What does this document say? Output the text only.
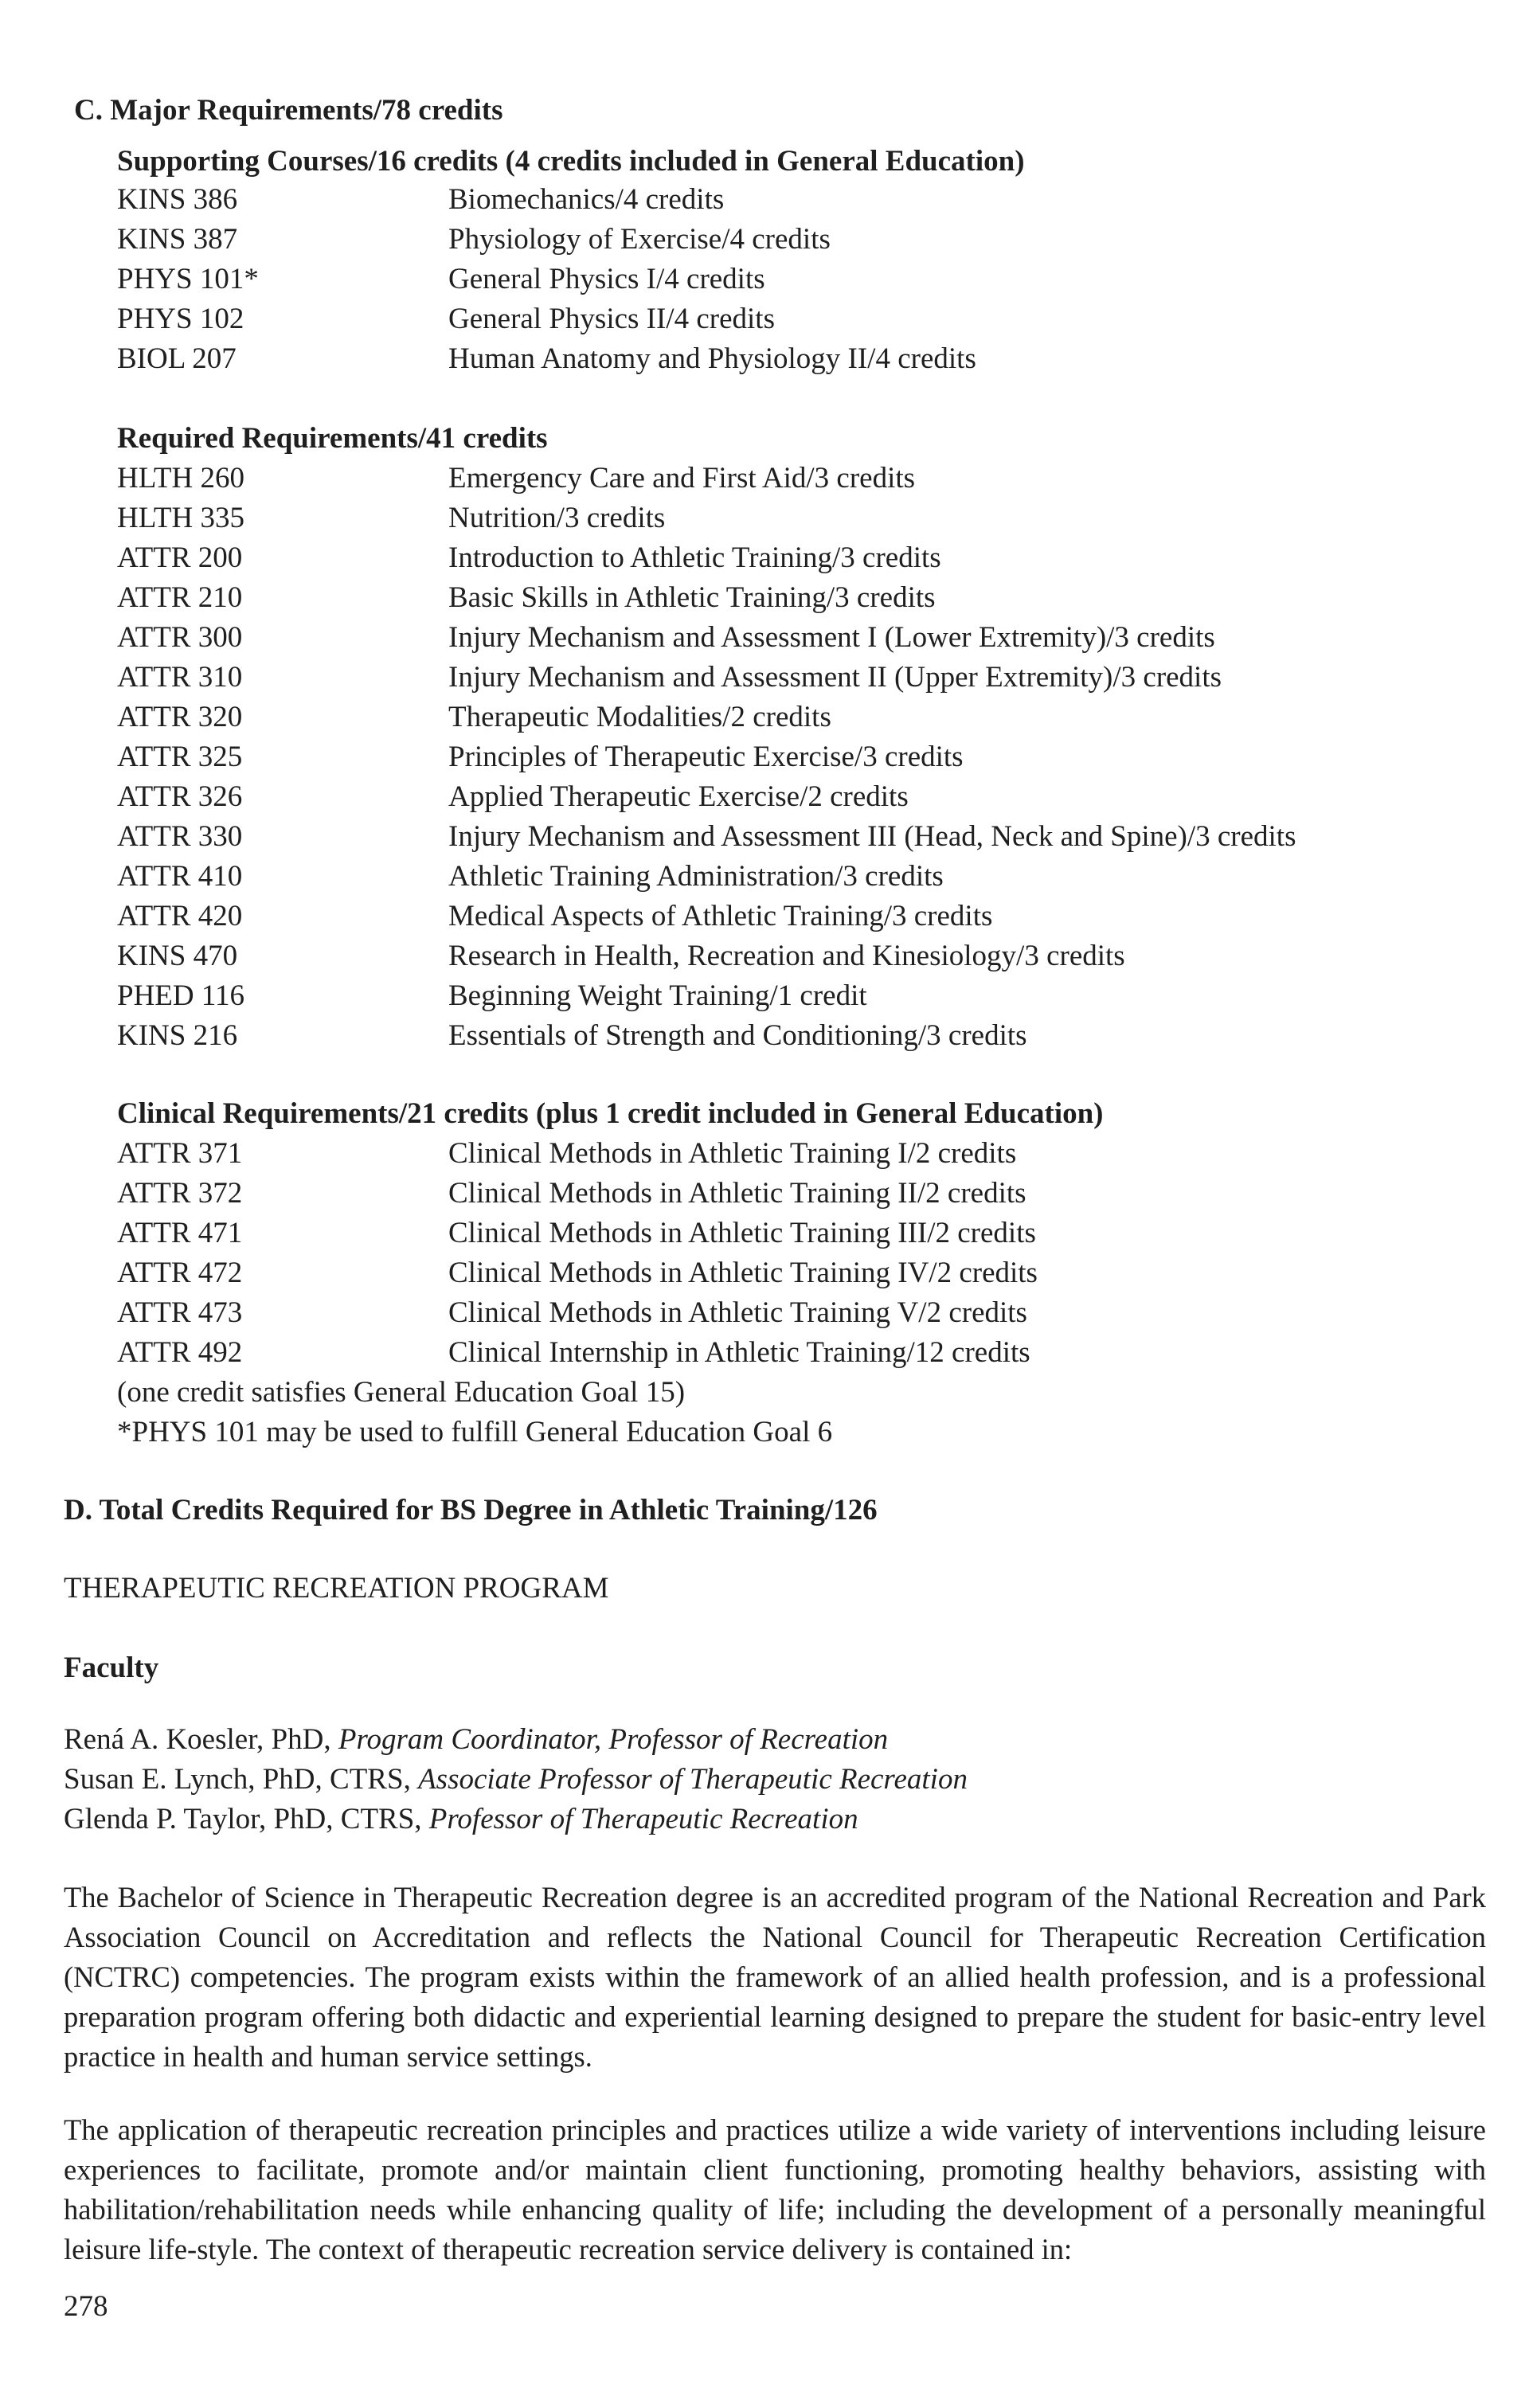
C. Major Requirements/78 credits
Supporting Courses/16 credits (4 credits included in General Education)
KINS 386	Biomechanics/4 credits
KINS 387	Physiology of Exercise/4 credits
PHYS 101*	General Physics I/4 credits
PHYS 102	General Physics II/4 credits
BIOL 207	Human Anatomy and Physiology II/4 credits
Required Requirements/41 credits
HLTH 260	Emergency Care and First Aid/3 credits
HLTH 335	Nutrition/3 credits
ATTR 200	Introduction to Athletic Training/3 credits
ATTR 210	Basic Skills in Athletic Training/3 credits
ATTR 300	Injury Mechanism and Assessment I (Lower Extremity)/3 credits
ATTR 310	Injury Mechanism and Assessment II (Upper Extremity)/3 credits
ATTR 320	Therapeutic Modalities/2 credits
ATTR 325	Principles of Therapeutic Exercise/3 credits
ATTR 326	Applied Therapeutic Exercise/2 credits
ATTR 330	Injury Mechanism and Assessment III (Head, Neck and Spine)/3 credits
ATTR 410	Athletic Training Administration/3 credits
ATTR 420	Medical Aspects of Athletic Training/3 credits
KINS 470	Research in Health, Recreation and Kinesiology/3 credits
PHED 116	Beginning Weight Training/1 credit
KINS 216	Essentials of Strength and Conditioning/3 credits
Clinical Requirements/21 credits (plus 1 credit included in General Education)
ATTR 371	Clinical Methods in Athletic Training I/2 credits
ATTR 372	Clinical Methods in Athletic Training II/2 credits
ATTR 471	Clinical Methods in Athletic Training III/2 credits
ATTR 472	Clinical Methods in Athletic Training IV/2 credits
ATTR 473	Clinical Methods in Athletic Training V/2 credits
ATTR 492	Clinical Internship in Athletic Training/12 credits
(one credit satisfies General Education Goal 15)
*PHYS 101 may be used to fulfill General Education Goal 6
D. Total Credits Required for BS Degree in Athletic Training/126
THERAPEUTIC RECREATION PROGRAM
Faculty
Rená A. Koesler, PhD, Program Coordinator, Professor of Recreation
Susan E. Lynch, PhD, CTRS, Associate Professor of Therapeutic Recreation
Glenda P. Taylor, PhD, CTRS, Professor of Therapeutic Recreation
The Bachelor of Science in Therapeutic Recreation degree is an accredited program of the National Recreation and Park Association Council on Accreditation and reflects the National Council for Therapeutic Recreation Certification (NCTRC) competencies. The program exists within the framework of an allied health profession, and is a professional preparation program offering both didactic and experiential learning designed to prepare the student for basic-entry level practice in health and human service settings.
The application of therapeutic recreation principles and practices utilize a wide variety of interventions including leisure experiences to facilitate, promote and/or maintain client functioning, promoting healthy behaviors, assisting with habilitation/rehabilitation needs while enhancing quality of life; including the development of a personally meaningful leisure life-style. The context of therapeutic recreation service delivery is contained in:
278
